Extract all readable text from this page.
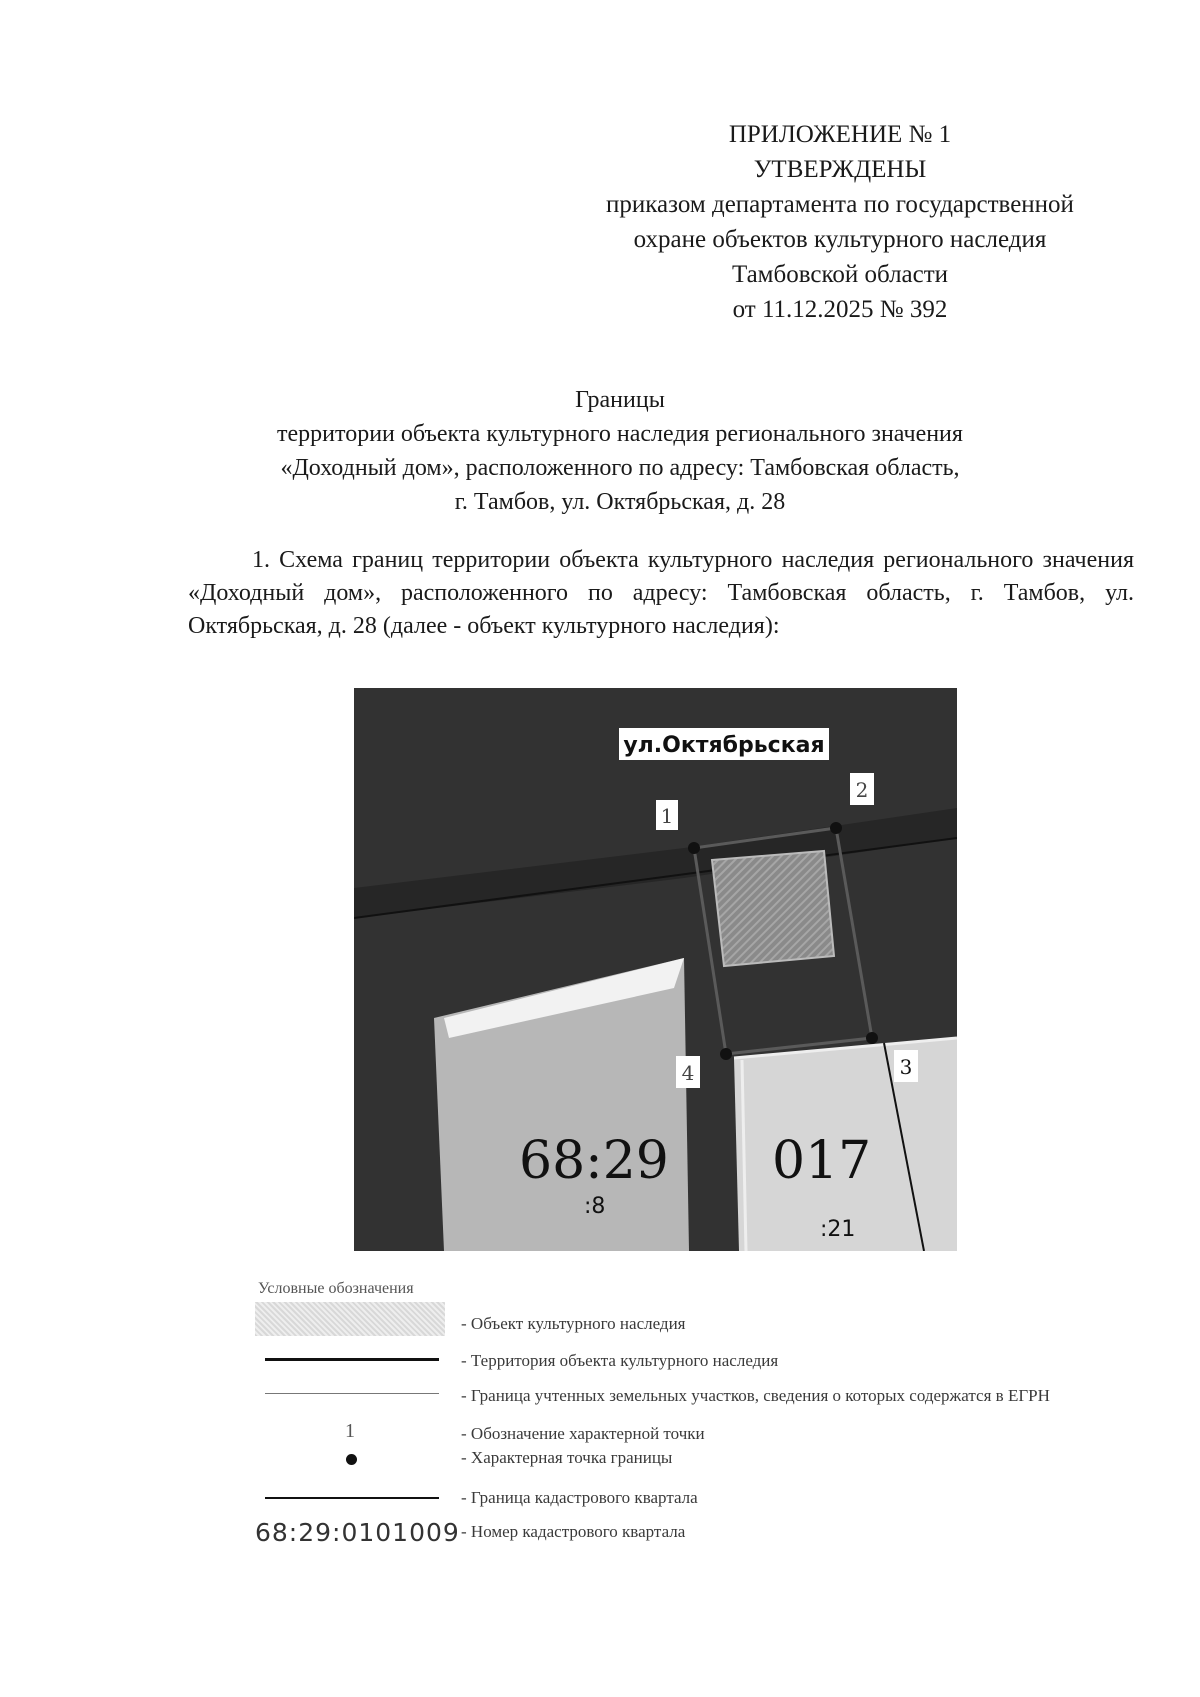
ПРИЛОЖЕНИЕ № 1
УТВЕРЖДЕНЫ
приказом департамента по государственной
охране объектов культурного наследия
Тамбовской области
от 11.12.2025 № 392
Границы
территории объекта культурного наследия регионального значения
«Доходный дом», расположенного по адресу: Тамбовская область,
г. Тамбов, ул. Октябрьская, д. 28
1. Схема границ территории объекта культурного наследия регионального значения «Доходный дом», расположенного по адресу: Тамбовская область, г. Тамбов, ул. Октябрьская, д. 28 (далее - объект культурного наследия):
ул.Октябрьская
1
2
3
4
68:29 017
:8
:21
Условные обозначения
- Объект культурного наследия
- Территория объекта культурного наследия
- Граница учтенных земельных участков, сведения о которых содержатся в ЕГРН
1	- Обозначение характерной точки
- Характерная точка границы
- Граница кадастрового квартала
68:29:0101009 - Номер кадастрового квартала
